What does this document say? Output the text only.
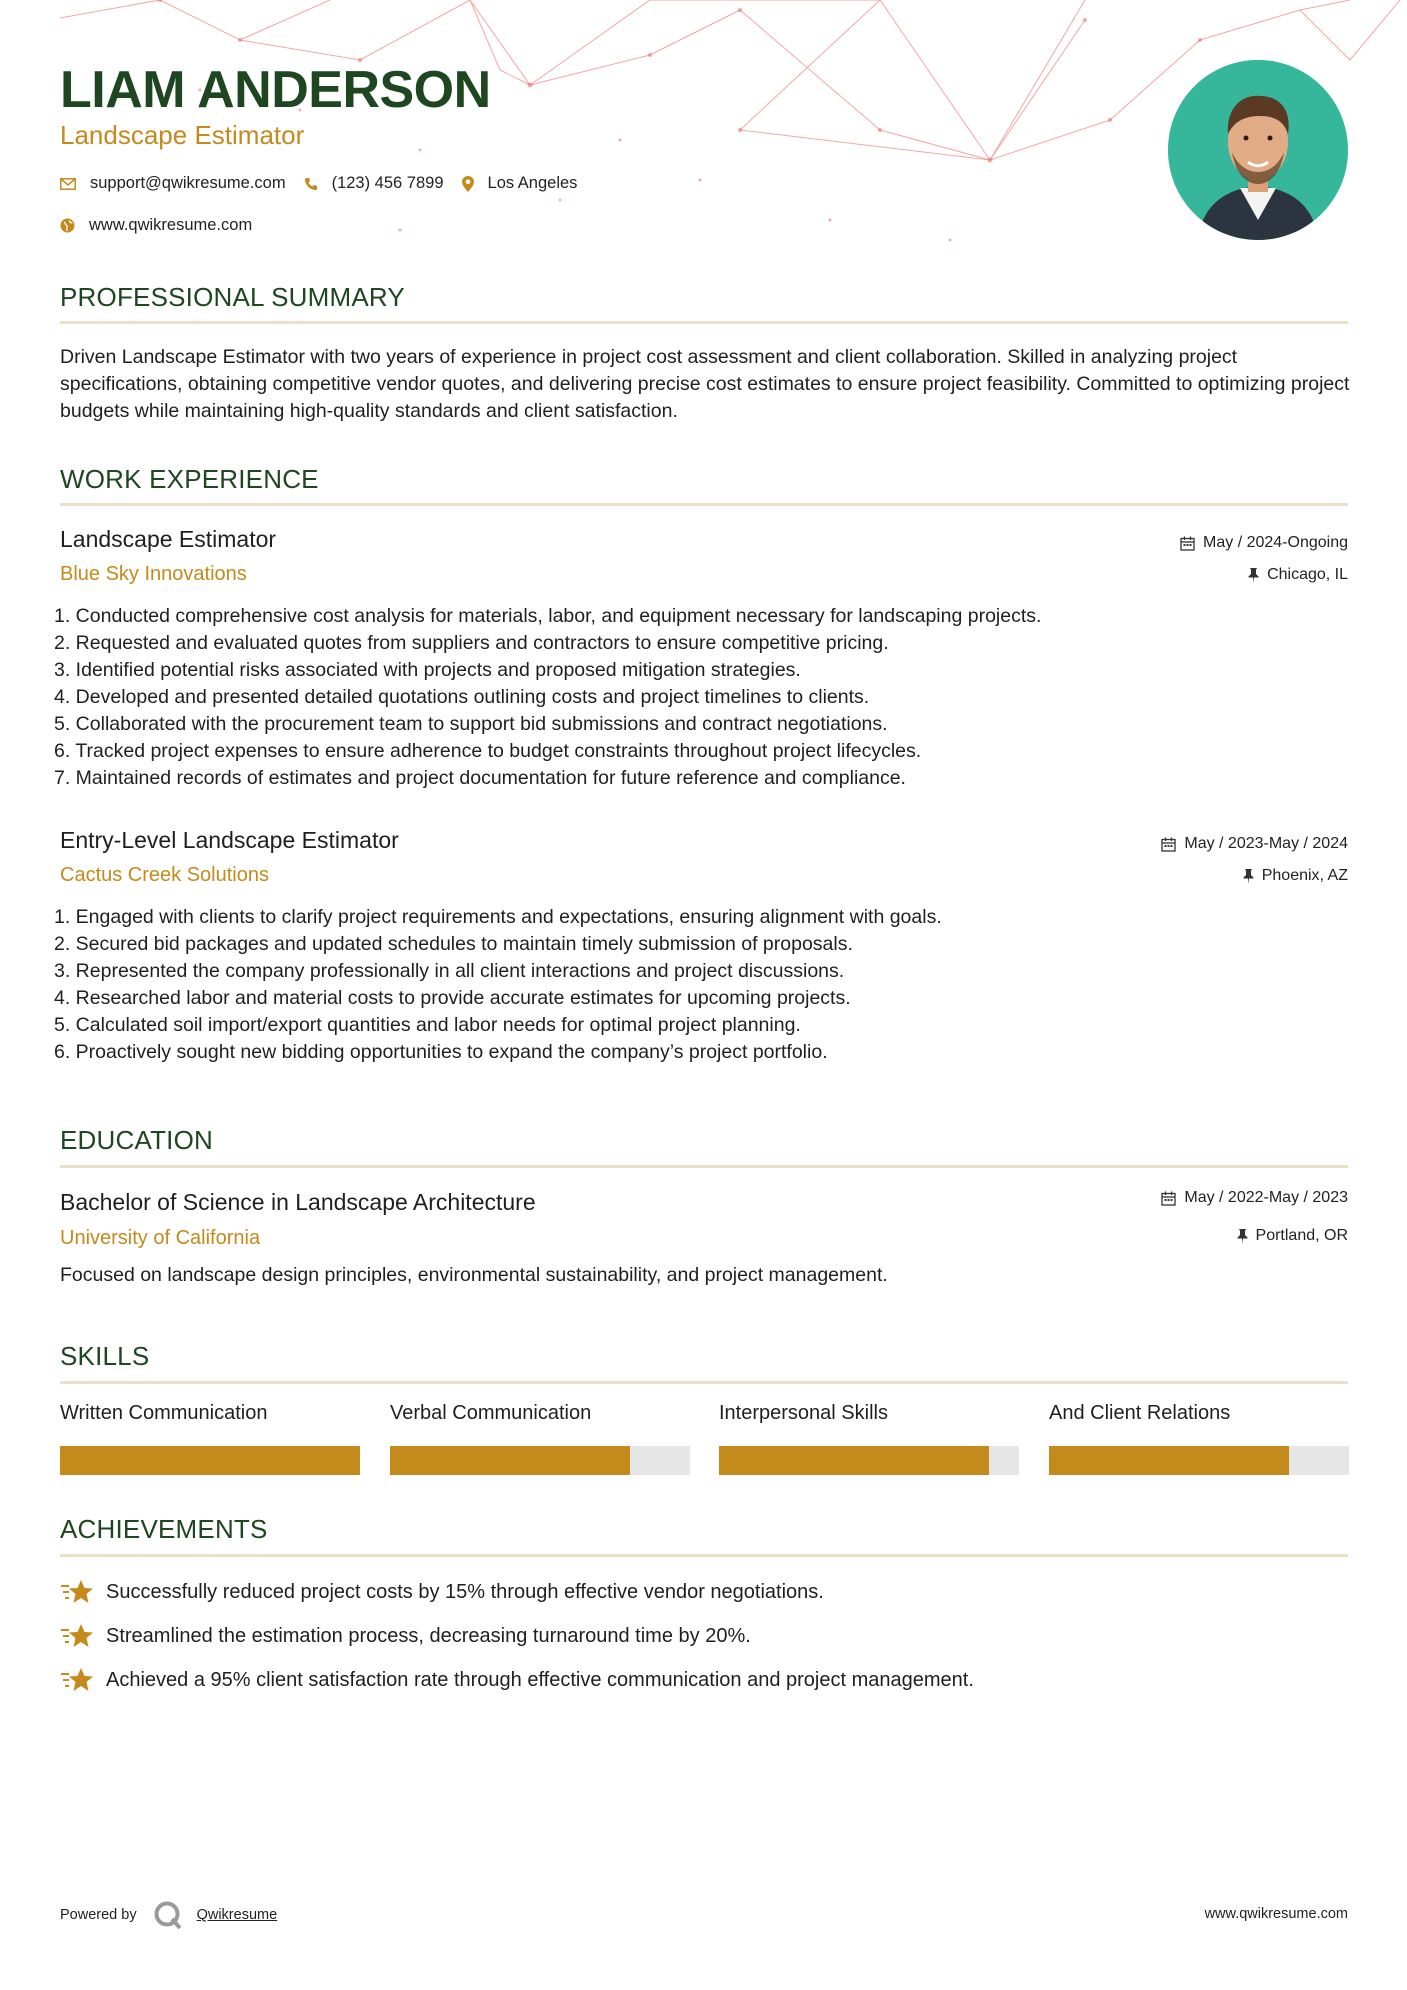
LIAM ANDERSON
Landscape Estimator
support@qwikresume.com	(123) 456 7899	Los Angeles
www.qwikresume.com
PROFESSIONAL SUMMARY
Driven Landscape Estimator with two years of experience in project cost assessment and client collaboration. Skilled in analyzing project specifications, obtaining competitive vendor quotes, and delivering precise cost estimates to ensure project feasibility. Committed to optimizing project budgets while maintaining high-quality standards and client satisfaction.
WORK EXPERIENCE
Landscape Estimator
Blue Sky Innovations
May / 2024-Ongoing
Chicago, IL
1. Conducted comprehensive cost analysis for materials, labor, and equipment necessary for landscaping projects.
2. Requested and evaluated quotes from suppliers and contractors to ensure competitive pricing.
3. Identified potential risks associated with projects and proposed mitigation strategies.
4. Developed and presented detailed quotations outlining costs and project timelines to clients.
5. Collaborated with the procurement team to support bid submissions and contract negotiations.
6. Tracked project expenses to ensure adherence to budget constraints throughout project lifecycles.
7. Maintained records of estimates and project documentation for future reference and compliance.
Entry-Level Landscape Estimator
Cactus Creek Solutions
May / 2023-May / 2024
Phoenix, AZ
1. Engaged with clients to clarify project requirements and expectations, ensuring alignment with goals.
2. Secured bid packages and updated schedules to maintain timely submission of proposals.
3. Represented the company professionally in all client interactions and project discussions.
4. Researched labor and material costs to provide accurate estimates for upcoming projects.
5. Calculated soil import/export quantities and labor needs for optimal project planning.
6. Proactively sought new bidding opportunities to expand the company’s project portfolio.
EDUCATION
Bachelor of Science in Landscape Architecture
University of California
May / 2022-May / 2023
Portland, OR
Focused on landscape design principles, environmental sustainability, and project management.
SKILLS
Written Communication	Verbal Communication	Interpersonal Skills	And Client Relations
ACHIEVEMENTS
Successfully reduced project costs by 15% through effective vendor negotiations.
Streamlined the estimation process, decreasing turnaround time by 20%.
Achieved a 95% client satisfaction rate through effective communication and project management.
Powered by	Qwikresume	www.qwikresume.com
